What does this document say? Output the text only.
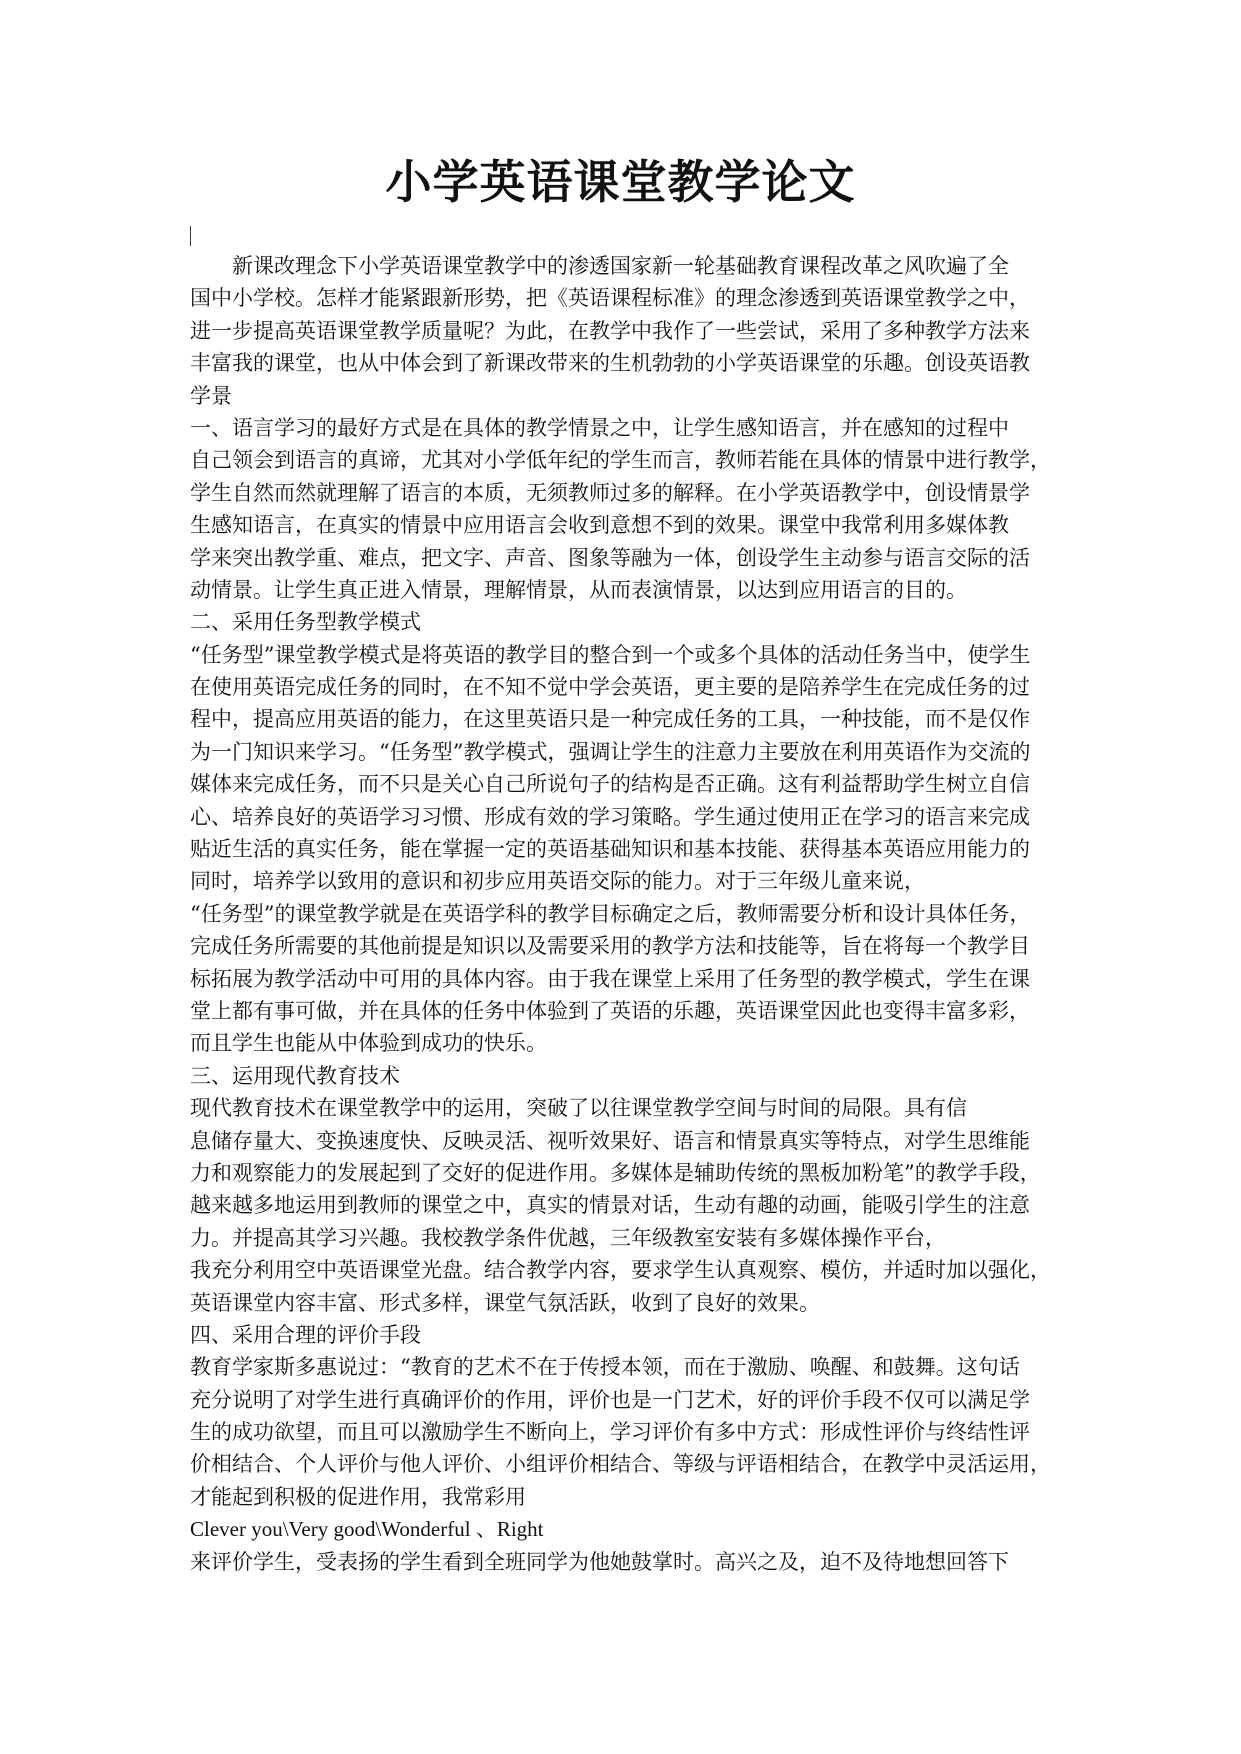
小学英语课堂教学论文
新课改理念下小学英语课堂教学中的渗透国家新一轮基础教育课程改革之风吹遍了全
国中小学校。怎样才能紧跟新形势，把《英语课程标准》的理念渗透到英语课堂教学之中，
进一步提高英语课堂教学质量呢？为此，在教学中我作了一些尝试，采用了多种教学方法来
丰富我的课堂，也从中体会到了新课改带来的生机勃勃的小学英语课堂的乐趣。创设英语教
学景
一、语言学习的最好方式是在具体的教学情景之中，让学生感知语言，并在感知的过程中
自己领会到语言的真谛，尤其对小学低年纪的学生而言，教师若能在具体的情景中进行教学，
学生自然而然就理解了语言的本质，无须教师过多的解释。在小学英语教学中，创设情景学
生感知语言，在真实的情景中应用语言会收到意想不到的效果。课堂中我常利用多媒体教
学来突出教学重、难点，把文字、声音、图象等融为一体，创设学生主动参与语言交际的活
动情景。让学生真正进入情景，理解情景，从而表演情景，以达到应用语言的目的。
二、采用任务型教学模式
“任务型”课堂教学模式是将英语的教学目的整合到一个或多个具体的活动任务当中，使学生
在使用英语完成任务的同时，在不知不觉中学会英语，更主要的是陪养学生在完成任务的过
程中，提高应用英语的能力，在这里英语只是一种完成任务的工具，一种技能，而不是仅作
为一门知识来学习。“任务型”教学模式，强调让学生的注意力主要放在利用英语作为交流的
媒体来完成任务，而不只是关心自己所说句子的结构是否正确。这有利益帮助学生树立自信
心、培养良好的英语学习习惯、形成有效的学习策略。学生通过使用正在学习的语言来完成
贴近生活的真实任务，能在掌握一定的英语基础知识和基本技能、获得基本英语应用能力的
同时，培养学以致用的意识和初步应用英语交际的能力。对于三年级儿童来说，
“任务型”的课堂教学就是在英语学科的教学目标确定之后，教师需要分析和设计具体任务，
完成任务所需要的其他前提是知识以及需要采用的教学方法和技能等，旨在将每一个教学目
标拓展为教学活动中可用的具体内容。由于我在课堂上采用了任务型的教学模式，学生在课
堂上都有事可做，并在具体的任务中体验到了英语的乐趣，英语课堂因此也变得丰富多彩，
而且学生也能从中体验到成功的快乐。
三、运用现代教育技术
现代教育技术在课堂教学中的运用，突破了以往课堂教学空间与时间的局限。具有信
息储存量大、变换速度快、反映灵活、视听效果好、语言和情景真实等特点，对学生思维能
力和观察能力的发展起到了交好的促进作用。多媒体是辅助传统的黑板加粉笔”的教学手段，
越来越多地运用到教师的课堂之中，真实的情景对话，生动有趣的动画，能吸引学生的注意
力。并提高其学习兴趣。我校教学条件优越，三年级教室安装有多媒体操作平台，
我充分利用空中英语课堂光盘。结合教学内容，要求学生认真观察、模仿，并适时加以强化，
英语课堂内容丰富、形式多样，课堂气氛活跃，收到了良好的效果。
四、采用合理的评价手段
教育学家斯多惠说过：“教育的艺术不在于传授本领，而在于激励、唤醒、和鼓舞。这句话
充分说明了对学生进行真确评价的作用，评价也是一门艺术，好的评价手段不仅可以满足学
生的成功欲望，而且可以激励学生不断向上，学习评价有多中方式：形成性评价与终结性评
价相结合、个人评价与他人评价、小组评价相结合、等级与评语相结合，在教学中灵活运用，
才能起到积极的促进作用，我常彩用
Clever you\Very good\Wonderful 、Right
来评价学生，受表扬的学生看到全班同学为他她鼓掌时。高兴之及，迫不及待地想回答下
